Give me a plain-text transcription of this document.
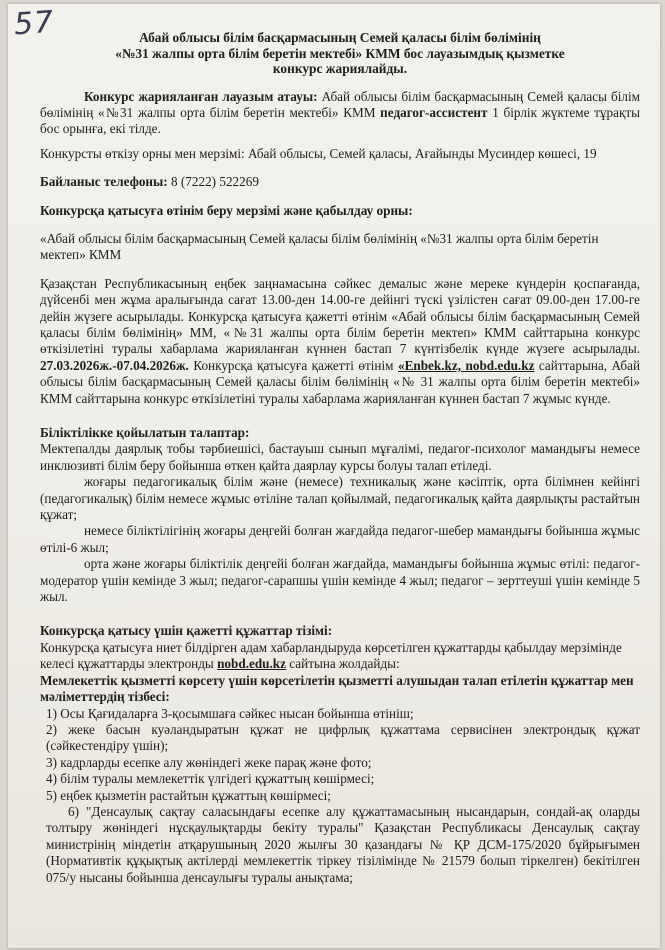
57	Абай облысы білім басқармасының Семей қаласы білім бөлімінің
«№31 жалпы орта білім беретін мектебі» КММ бос лауазымдық қызметке
конкурс жариялайды.

Конкурс жарияланған лауазым атауы: Абай облысы білім басқармасының Семей қаласы білім бөлімінің «№31 жалпы орта білім беретін мектебі» КММ педагог-ассистент 1 бірлік жүктеме тұрақты бос орынға, екі тілде.

Конкурсты өткізу орны мен мерзімі: Абай облысы, Семей қаласы, Ағайынды Мусиндер көшесі, 19

Байланыс телефоны: 8 (7222) 522269

Конкурсқа қатысуға өтінім беру мерзімі және қабылдау орны:

«Абай облысы білім басқармасының Семей қаласы білім бөлімінің «№31 жалпы орта білім беретін мектеп» КММ

Қазақстан Республикасының еңбек заңнамасына сәйкес демалыс және мереке күндерін қоспағанда, дүйсенбі мен жұма аралығында сағат 13.00-ден 14.00-ге дейінгі түскі үзілістен сағат 09.00-ден 17.00-ге дейін жүзеге асырылады. Конкурсқа қатысуға қажетті өтінім «Абай облысы білім басқармасының Семей қаласы білім бөлімінің» ММ, «№31 жалпы орта білім беретін мектеп» КММ сайттарына конкурс өткізілетіні туралы хабарлама жарияланған күннен бастап 7 күнтізбелік күнде жүзеге асырылады. 27.03.2026ж.-07.04.2026ж. Конкурсқа қатысуға қажетті өтінім «Enbek.kz, nobd.edu.kz сайттарына, Абай облысы білім басқармасының Семей қаласы білім бөлімінің «№ 31 жалпы орта білім беретін мектебі» КММ сайттарына конкурс өткізілетіні туралы хабарлама жарияланған күннен бастап 7 жұмыс күнде.

Біліктілікке қойылатын талаптар:

Мектепалды даярлық тобы тәрбиешісі, бастауыш сынып мұғалімі, педагог-психолог мамандығы немесе инклюзивті білім беру бойынша өткен қайта даярлау курсы болуы талап етіледі.

жоғары педагогикалық білім және (немесе) техникалық және кәсіптік, орта білімнен кейінгі (педагогикалық) білім немесе жұмыс өтіліне талап қойылмай, педагогикалық қайта даярлықты растайтын құжат;

немесе біліктілігінің жоғары деңгейі болған жағдайда педагог-шебер мамандығы бойынша жұмыс өтілі-6 жыл;

орта және жоғары біліктілік деңгейі болған жағдайда, мамандығы бойынша жұмыс өтілі: педагог-модератор үшін кемінде 3 жыл; педагог-сарапшы үшін кемінде 4 жыл; педагог – зерттеуші үшін кемінде 5 жыл.

Конкурсқа қатысу үшін қажетті құжаттар тізімі:

Конкурсқа қатысуға ниет білдірген адам хабарландыруда көрсетілген құжаттарды қабылдау мерзімінде келесі құжаттарды электронды nobd.edu.kz сайтына жолдайды:

Мемлекеттік қызметті көрсету үшін көрсетілетін қызметті алушыдан талап етілетін құжаттар мен мәліметтердің тізбесі:

1) Осы Қағидаларға 3-қосымшаға сәйкес нысан бойынша өтініш;

2) жеке басын куәландыратын құжат не цифрлық құжаттама сервисінен электрондық құжат (сәйкестендіру үшін);

3) кадрларды есепке алу жөніндегі жеке парақ және фото;

4) білім туралы мемлекеттік үлгідегі құжаттың көшірмесі;

5) еңбек қызметін растайтын құжаттың көшірмесі;

6) "Денсаулық сақтау саласындағы есепке алу құжаттамасының нысандарын, сондай-ақ оларды толтыру жөніндегі нұсқаулықтарды бекіту туралы" Қазақстан Республикасы Денсаулық сақтау министрінің міндетін атқарушының 2020 жылғы 30 қазандағы № ҚР ДСМ-175/2020 бұйрығымен (Нормативтік құқықтық актілерді мемлекеттік тіркеу тізілімінде № 21579 болып тіркелген) бекітілген 075/у нысаны бойынша денсаулығы туралы анықтама;
